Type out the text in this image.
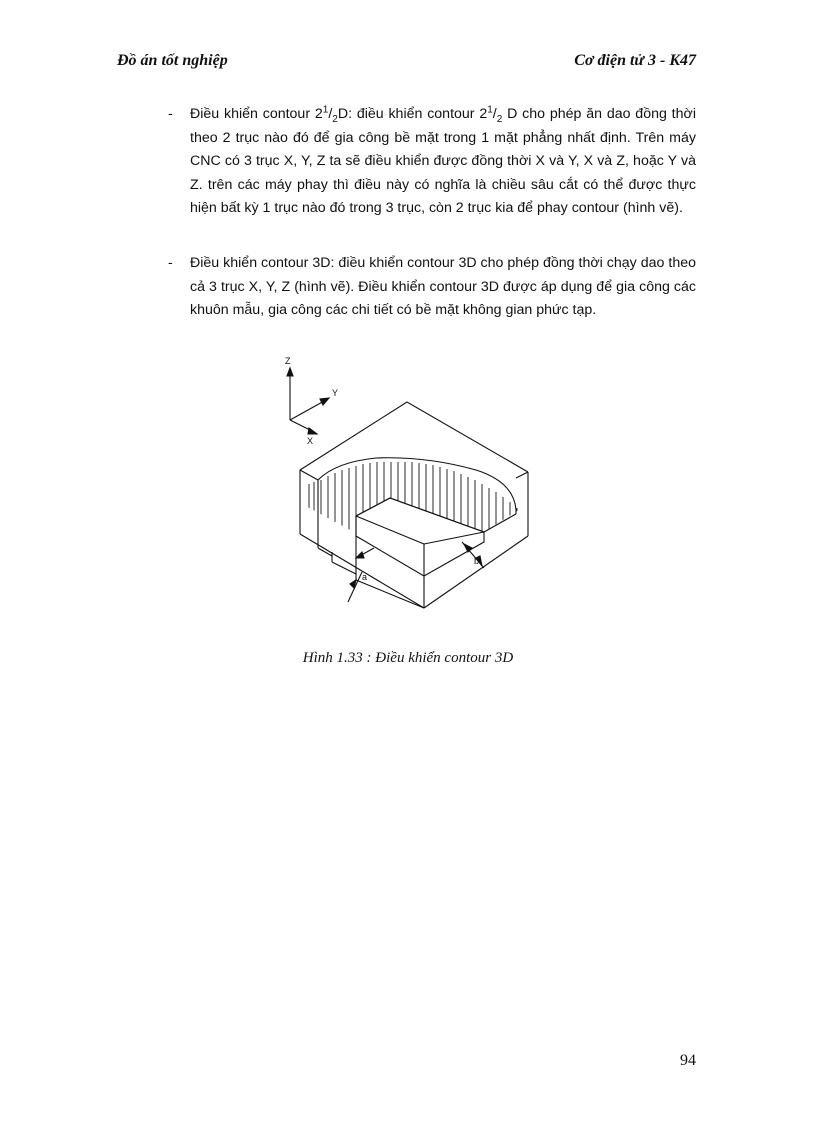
Đồ án tốt nghiệp	Cơ điện tử 3 - K47
- Điều khiển contour $2^1/_2D$: điều khiển contour $2^1/_2$ D cho phép ăn dao đồng thời theo 2 trục nào đó để gia công bề mặt trong 1 mặt phẳng nhất định. Trên máy CNC có 3 trục X, Y, Z ta sẽ điều khiển được đồng thời X và Y, X và Z, hoặc Y và Z. trên các máy phay thì điều này có nghĩa là chiều sâu cắt có thể được thực hiện bất kỳ 1 trục nào đó trong 3 trục, còn 2 trục kia để phay contour (hình vẽ).
- Điều khiển contour 3D: điều khiển contour 3D cho phép đồng thời chạy dao theo cả 3 trục X, Y, Z (hình vẽ). Điều khiển contour 3D được áp dụng để gia công các khuôn mẫu, gia công các chi tiết có bề mặt không gian phức tạp.
Z
Y
X
a
b
Hình 1.33 : Điều khiển contour 3D
94
